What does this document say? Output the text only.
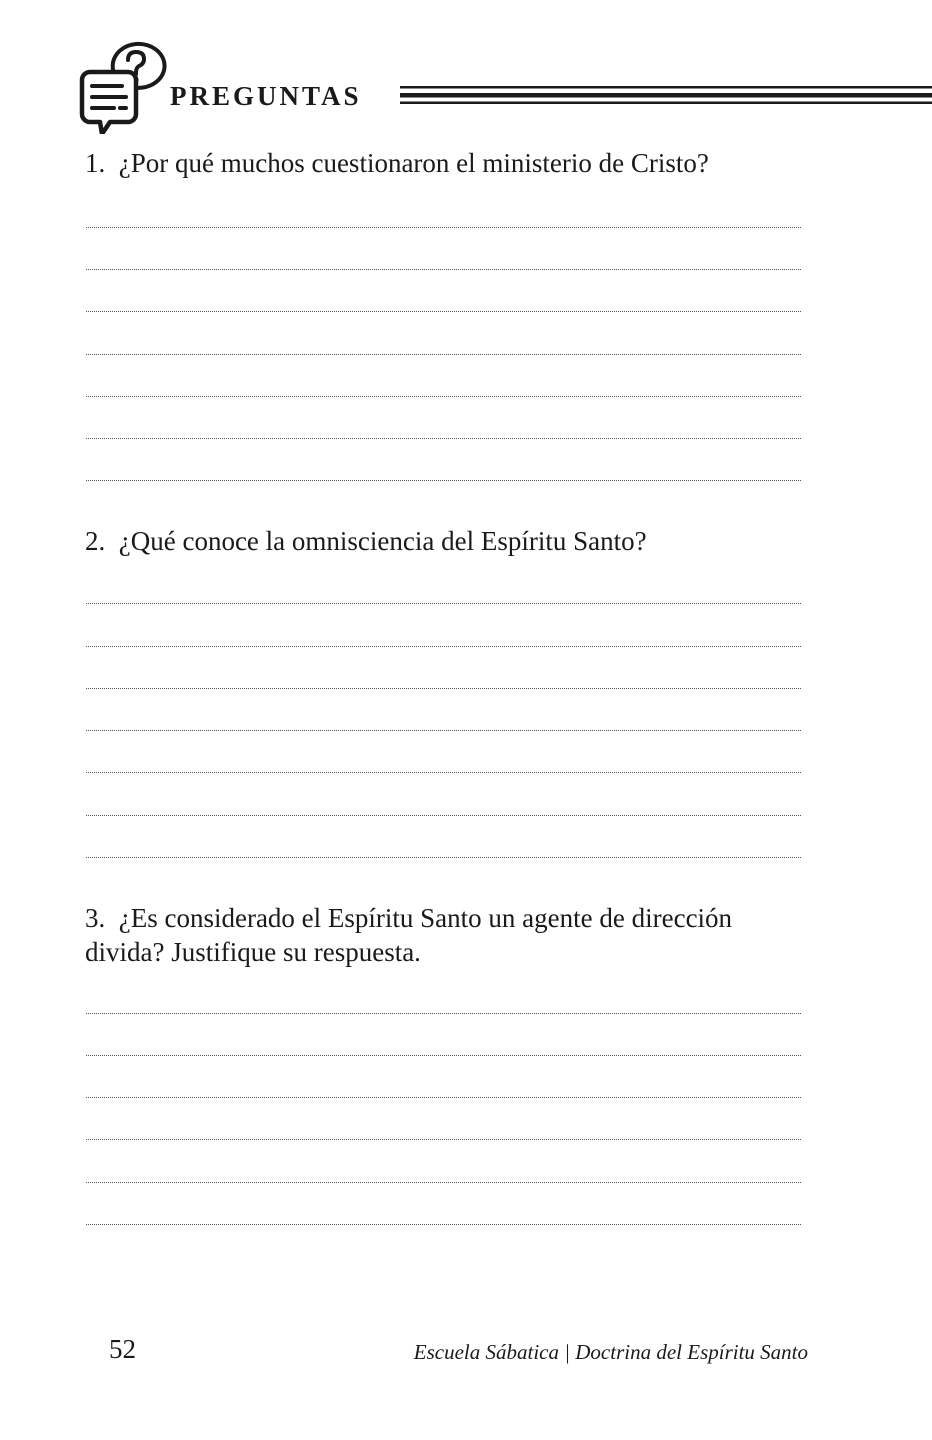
PREGUNTAS
1. ¿Por qué muchos cuestionaron el ministerio de Cristo?
2. ¿Qué conoce la omnisciencia del Espíritu Santo?
3. ¿Es considerado el Espíritu Santo un agente de dirección divida? Justifique su respuesta.
52	Escuela Sábatica | Doctrina del Espíritu Santo
